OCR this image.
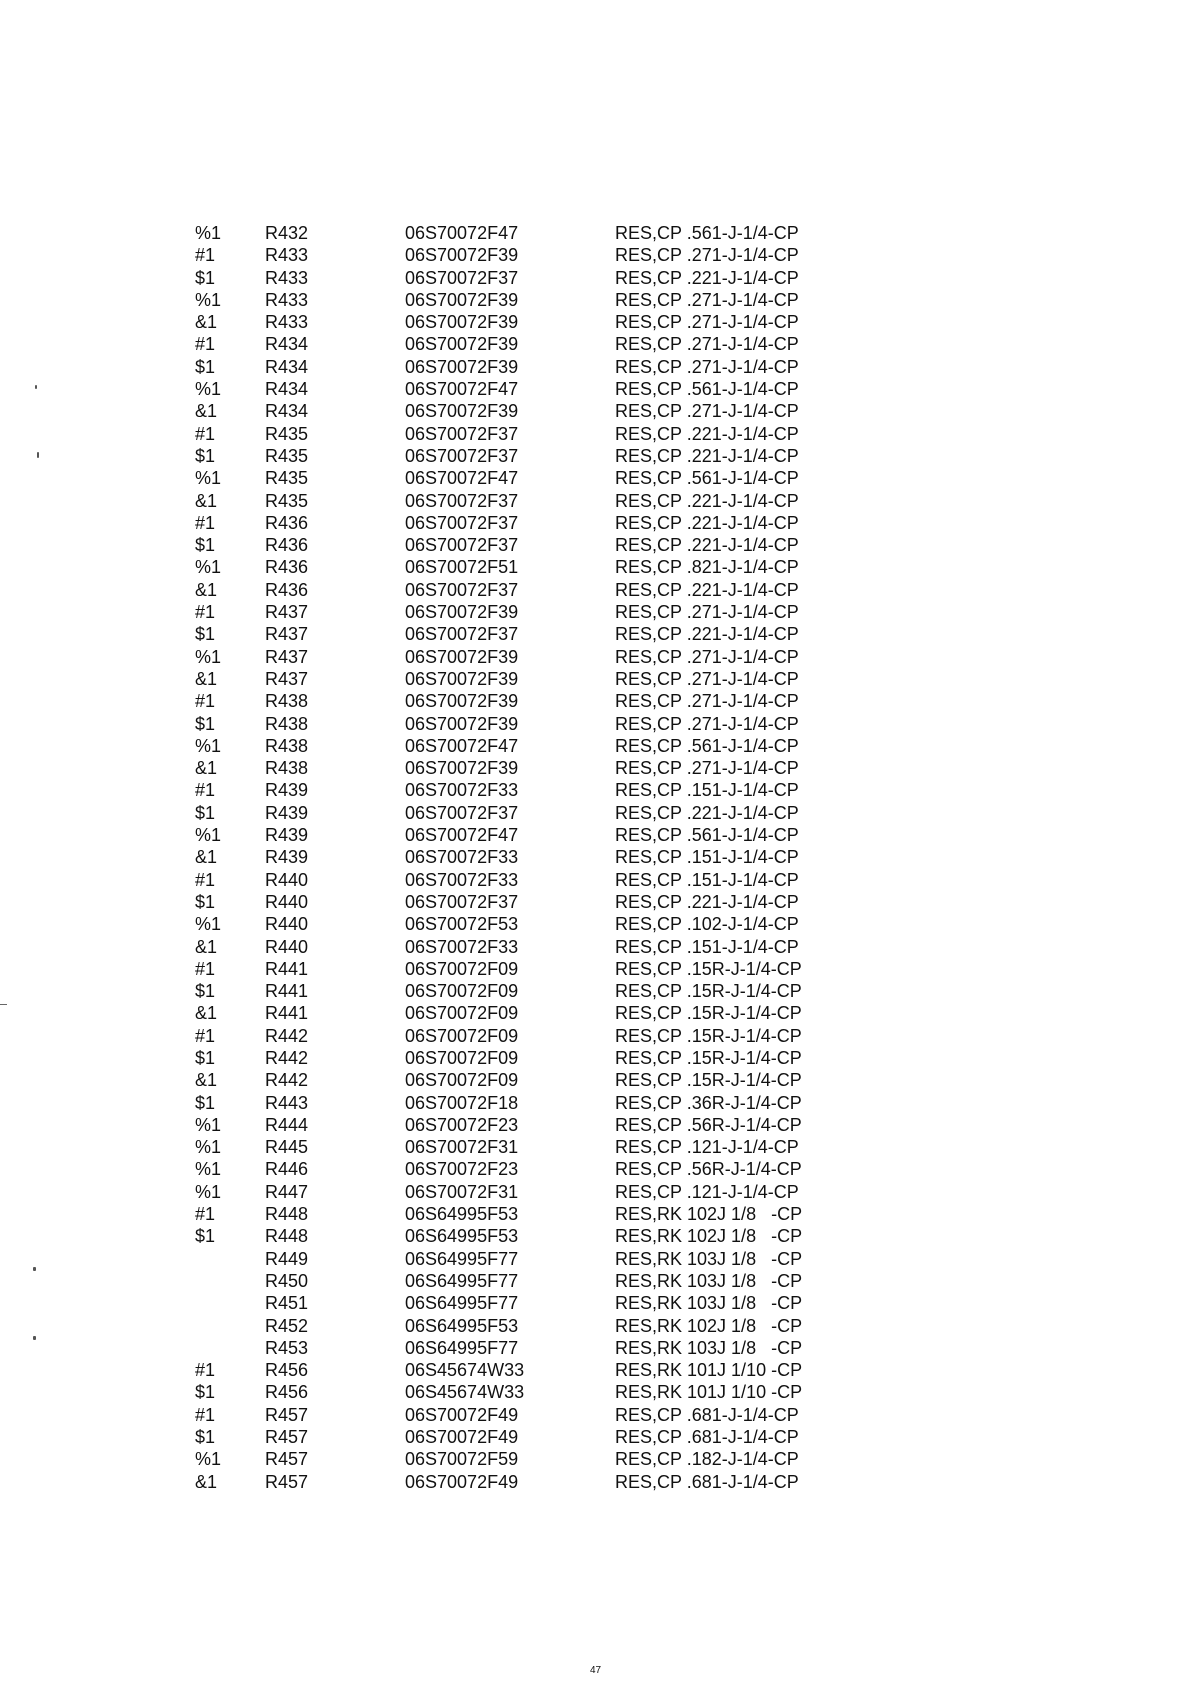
%1	R432	06S70072F47	RES,CP .561-J-1/4-CP
#1	R433	06S70072F39	RES,CP .271-J-1/4-CP
$1	R433	06S70072F37	RES,CP .221-J-1/4-CP
%1	R433	06S70072F39	RES,CP .271-J-1/4-CP
&1	R433	06S70072F39	RES,CP .271-J-1/4-CP
#1	R434	06S70072F39	RES,CP .271-J-1/4-CP
$1	R434	06S70072F39	RES,CP .271-J-1/4-CP
%1	R434	06S70072F47	RES,CP .561-J-1/4-CP
&1	R434	06S70072F39	RES,CP .271-J-1/4-CP
#1	R435	06S70072F37	RES,CP .221-J-1/4-CP
$1	R435	06S70072F37	RES,CP .221-J-1/4-CP
%1	R435	06S70072F47	RES,CP .561-J-1/4-CP
&1	R435	06S70072F37	RES,CP .221-J-1/4-CP
#1	R436	06S70072F37	RES,CP .221-J-1/4-CP
$1	R436	06S70072F37	RES,CP .221-J-1/4-CP
%1	R436	06S70072F51	RES,CP .821-J-1/4-CP
&1	R436	06S70072F37	RES,CP .221-J-1/4-CP
#1	R437	06S70072F39	RES,CP .271-J-1/4-CP
$1	R437	06S70072F37	RES,CP .221-J-1/4-CP
%1	R437	06S70072F39	RES,CP .271-J-1/4-CP
&1	R437	06S70072F39	RES,CP .271-J-1/4-CP
#1	R438	06S70072F39	RES,CP .271-J-1/4-CP
$1	R438	06S70072F39	RES,CP .271-J-1/4-CP
%1	R438	06S70072F47	RES,CP .561-J-1/4-CP
&1	R438	06S70072F39	RES,CP .271-J-1/4-CP
#1	R439	06S70072F33	RES,CP .151-J-1/4-CP
$1	R439	06S70072F37	RES,CP .221-J-1/4-CP
%1	R439	06S70072F47	RES,CP .561-J-1/4-CP
&1	R439	06S70072F33	RES,CP .151-J-1/4-CP
#1	R440	06S70072F33	RES,CP .151-J-1/4-CP
$1	R440	06S70072F37	RES,CP .221-J-1/4-CP
%1	R440	06S70072F53	RES,CP .102-J-1/4-CP
&1	R440	06S70072F33	RES,CP .151-J-1/4-CP
#1	R441	06S70072F09	RES,CP .15R-J-1/4-CP
$1	R441	06S70072F09	RES,CP .15R-J-1/4-CP
&1	R441	06S70072F09	RES,CP .15R-J-1/4-CP
#1	R442	06S70072F09	RES,CP .15R-J-1/4-CP
$1	R442	06S70072F09	RES,CP .15R-J-1/4-CP
&1	R442	06S70072F09	RES,CP .15R-J-1/4-CP
$1	R443	06S70072F18	RES,CP .36R-J-1/4-CP
%1	R444	06S70072F23	RES,CP .56R-J-1/4-CP
%1	R445	06S70072F31	RES,CP .121-J-1/4-CP
%1	R446	06S70072F23	RES,CP .56R-J-1/4-CP
%1	R447	06S70072F31	RES,CP .121-J-1/4-CP
#1	R448	06S64995F53	RES,RK 102J 1/8   -CP
$1	R448	06S64995F53	RES,RK 102J 1/8   -CP
	R449	06S64995F77	RES,RK 103J 1/8   -CP
	R450	06S64995F77	RES,RK 103J 1/8   -CP
	R451	06S64995F77	RES,RK 103J 1/8   -CP
	R452	06S64995F53	RES,RK 102J 1/8   -CP
	R453	06S64995F77	RES,RK 103J 1/8   -CP
#1	R456	06S45674W33	RES,RK 101J 1/10 -CP
$1	R456	06S45674W33	RES,RK 101J 1/10 -CP
#1	R457	06S70072F49	RES,CP .681-J-1/4-CP
$1	R457	06S70072F49	RES,CP .681-J-1/4-CP
%1	R457	06S70072F59	RES,CP .182-J-1/4-CP
&1	R457	06S70072F49	RES,CP .681-J-1/4-CP
47
